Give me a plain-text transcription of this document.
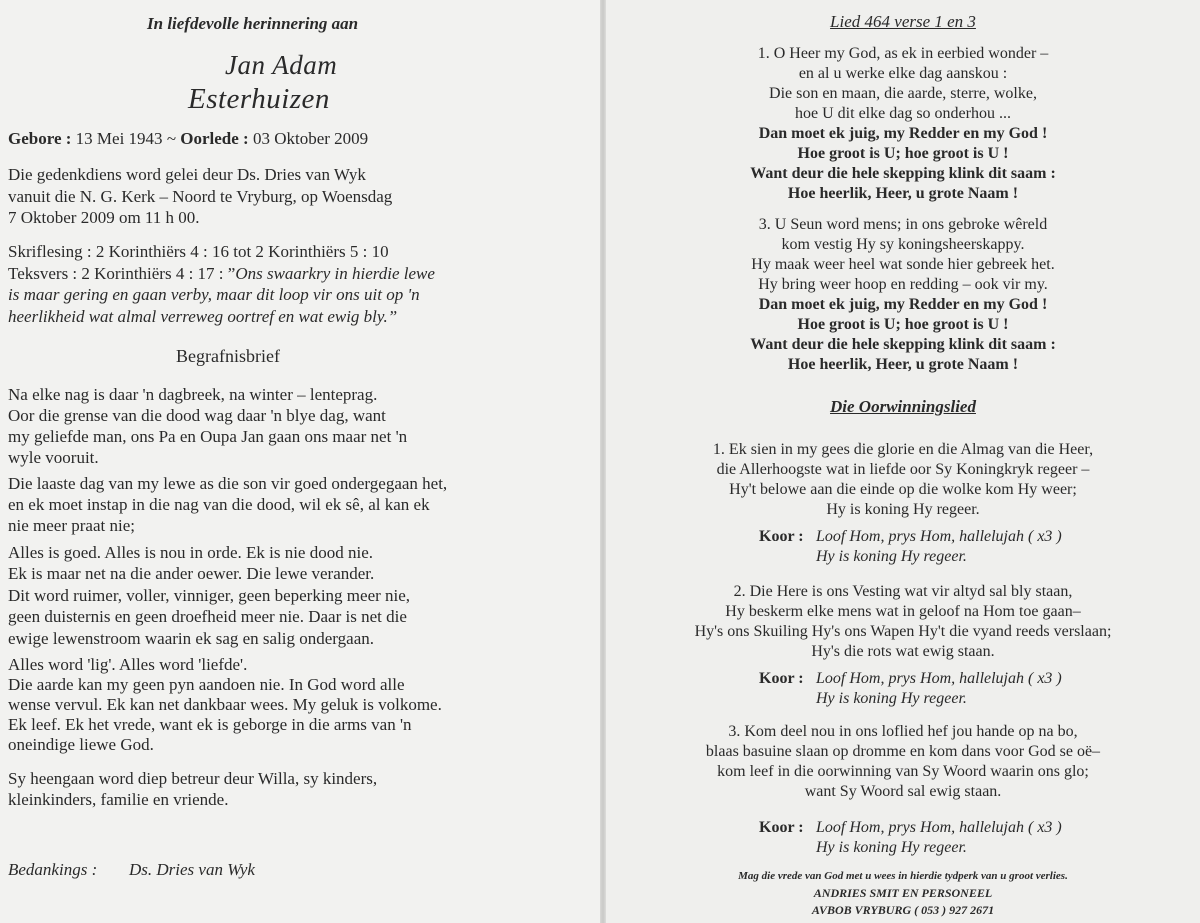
In liefdevolle herinnering aan
Jan Adam
Esterhuizen
Gebore : 13 Mei 1943 ~ Oorlede : 03 Oktober 2009
Die gedenkdiens word gelei deur Ds. Dries van Wyk
vanuit die N. G. Kerk – Noord te Vryburg, op Woensdag
7 Oktober 2009 om 11 h 00.
Skriflesing : 2 Korinthiërs 4 : 16 tot 2 Korinthiërs 5 : 10
Teksvers : 2 Korinthiërs 4 : 17 : ”Ons swaarkry in hierdie lewe
is maar gering en gaan verby, maar dit loop vir ons uit op 'n
heerlikheid wat almal verreweg oortref en wat ewig bly.”
Begrafnisbrief
Na elke nag is daar 'n dagbreek, na winter – lenteprag.
Oor die grense van die dood wag daar 'n blye dag, want
my geliefde man, ons Pa en Oupa Jan gaan ons maar net 'n
wyle vooruit.
Die laaste dag van my lewe as die son vir goed ondergegaan het,
en ek moet instap in die nag van die dood, wil ek sê, al kan ek
nie meer praat nie;
Alles is goed. Alles is nou in orde. Ek is nie dood nie.
Ek is maar net na die ander oewer. Die lewe verander.
Dit word ruimer, voller, vinniger, geen beperking meer nie,
geen duisternis en geen droefheid meer nie. Daar is net die
ewige lewenstroom waarin ek sag en salig ondergaan.
Alles word 'lig'. Alles word 'liefde'.
Die aarde kan my geen pyn aandoen nie. In God word alle
wense vervul. Ek kan net dankbaar wees. My geluk is volkome.
Ek leef. Ek het vrede, want ek is geborge in die arms van 'n
oneindige liewe God.
Sy heengaan word diep betreur deur Willa, sy kinders,
kleinkinders, familie en vriende.
Bedankings : Ds. Dries van Wyk
Lied 464 verse 1 en 3
1. O Heer my God, as ek in eerbied wonder –
en al u werke elke dag aanskou :
Die son en maan, die aarde, sterre, wolke,
hoe U dit elke dag so onderhou ...
Dan moet ek juig, my Redder en my God !
Hoe groot is U; hoe groot is U !
Want deur die hele skepping klink dit saam :
Hoe heerlik, Heer, u grote Naam !
3. U Seun word mens; in ons gebroke wêreld
kom vestig Hy sy koningsheerskappy.
Hy maak weer heel wat sonde hier gebreek het.
Hy bring weer hoop en redding – ook vir my.
Dan moet ek juig, my Redder en my God !
Hoe groot is U; hoe groot is U !
Want deur die hele skepping klink dit saam :
Hoe heerlik, Heer, u grote Naam !
Die Oorwinningslied
1. Ek sien in my gees die glorie en die Almag van die Heer,
die Allerhoogste wat in liefde oor Sy Koningkryk regeer –
Hy't belowe aan die einde op die wolke kom Hy weer;
Hy is koning Hy regeer.
Koor : Loof Hom, prys Hom, hallelujah ( x3 )
Hy is koning Hy regeer.
2. Die Here is ons Vesting wat vir altyd sal bly staan,
Hy beskerm elke mens wat in geloof na Hom toe gaan–
Hy's ons Skuiling Hy's ons Wapen Hy't die vyand reeds verslaan;
Hy's die rots wat ewig staan.
Koor : Loof Hom, prys Hom, hallelujah ( x3 )
Hy is koning Hy regeer.
3. Kom deel nou in ons loflied hef jou hande op na bo,
blaas basuine slaan op dromme en kom dans voor God se oë–
kom leef in die oorwinning van Sy Woord waarin ons glo;
want Sy Woord sal ewig staan.
Koor : Loof Hom, prys Hom, hallelujah ( x3 )
Hy is koning Hy regeer.
Mag die vrede van God met u wees in hierdie tydperk van u groot verlies.
ANDRIES SMIT EN PERSONEEL
AVBOB VRYBURG ( 053 ) 927 2671
